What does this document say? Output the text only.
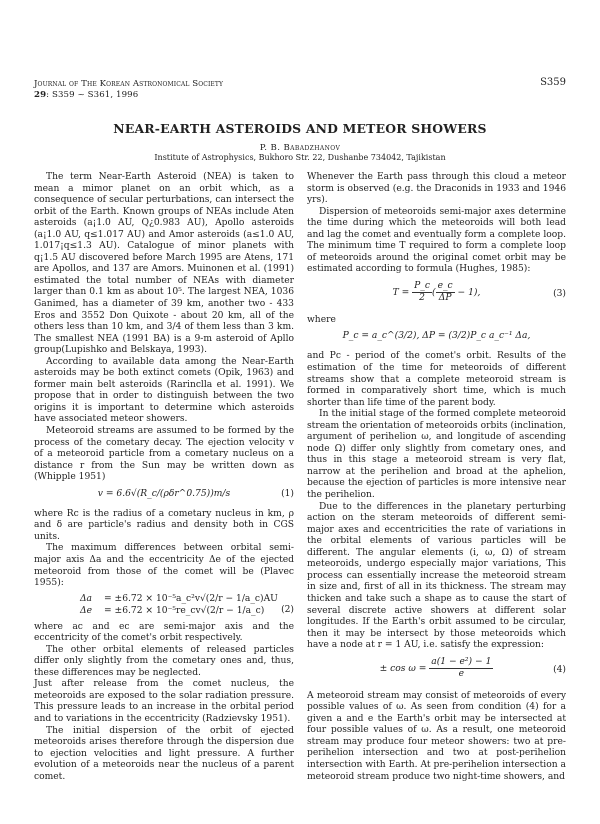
Journal of The Korean Astronomical Society
29: S359 ~ S361, 1996
S359
NEAR-EARTH ASTEROIDS AND METEOR SHOWERS
P. B. Babadzhanov
Institute of Astrophysics, Bukhoro Str. 22, Dushanbe 734042, Tajikistan

The term Near-Earth Asteroid (NEA) is taken to mean a mimor planet on an orbit which, as a consequence of secular perturbations, can intersect the orbit of the Earth. Known groups of NEAs include Aten asteroids (a¡1.0 AU, Q¿0.983 AU), Apollo asteroids (a¡1.0 AU, q≤1.017 AU) and Amor asteroids (a≤1.0 AU, 1.017¡q≤1.3 AU). Catalogue of minor planets with q¡1.5 AU discovered before March 1995 are Atens, 171 are Apollos, and 137 are Amors. Muinonen et al. (1991) estimated the total number of NEAs with diameter larger than 0.1 km as about 10⁵. The largest NEA, 1036 Ganimed, has a diameter of 39 km, another two - 433 Eros and 3552 Don Quixote - about 20 km, all of the others less than 10 km, and 3/4 of them less than 3 km. The smallest NEA (1991 BA) is a 9-m asteroid of Apllo group(Lupishko and Belskaya, 1993).

According to available data among the Near-Earth asteroids may be both extinct comets (Opik, 1963) and former main belt asteroids (Rarinclla et al. 1991). We propose that in order to distinguish between the two origins it is important to determine which asteroids have associated meteor showers.

Meteoroid streams are assumed to be formed by the process of the cometary decay. The ejection velocity v of a meteoroid particle from a cometary nucleus on a distance r from the Sun may be written down as (Whipple 1951)

v = 6.6√(R_c/(ρδr^0.75))m/s	(1)

where Rc is the radius of a cometary nucleus in km, ρ and δ are particle's radius and density both in CGS units.

The maximum differences between orbital semi-major axis Δa and the eccentricity Δe of the ejected meteoroid from those of the comet will be (Plavec 1955):

Δa	= ±6.72 × 10⁻⁵a_c²v√(2/r − 1/a_c)AU
Δe	= ±6.72 × 10⁻⁵re_cv√(2/r − 1/a_c)	(2)

where ac and ec are semi-major axis and the eccentricity of the comet's orbit respectively.

The other orbital elements of released particles differ only slightly from the cometary ones and, thus, these differences may be neglected.

Just after release from the comet nucleus, the meteoroids are exposed to the solar radiation pressure. This pressure leads to an increase in the orbital period and to variations in the eccentricity (Radzievsky 1951).

The initial dispersion of the orbit of ejected meteoroids arises therefore through the dispersion due to ejection velocities and light pressure. A further evolution of a meteoroids near the nucleus of a parent comet.

Whenever the Earth pass through this cloud a meteor storm is observed (e.g. the Draconids in 1933 and 1946 yrs).

Dispersion of meteoroids semi-major axes determine the time during which the meteoroids will both lead and lag the comet and eventually form a complete loop. The minimum time T required to form a complete loop of meteoroids around the original comet orbit may be estimated according to formula (Hughes, 1985):

$T = \frac{P\_c}{2}$ ( $\frac{e\_c}{\Delta P} - 1$),	(3)

where

P_c = a_c^(3/2), ΔP = (3/2)P_c a_c⁻¹ Δa,

and Pc - period of the comet's orbit. Results of the estimation of the time for meteoroids of different streams show that a complete meteoroid stream is formed in comparatively short time, which is much shorter than life time of the parent body.

In the initial stage of the formed complete meteoroid stream the orientation of meteoroids orbits (inclination, argument of perihelion ω, and longitude of ascending node Ω) differ only slightly from cometary ones, and thus in this stage a meteoroid stream is very flat, narrow at the perihelion and broad at the aphelion, because the ejection of particles is more intensive near the perihelion.

Due to the differences in the planetary perturbing action on the steram meteoroids of different semi-major axes and eccentricities the rate of variations in the orbital elements of various particles will be different. The angular elements (i, ω, Ω) of stream meteoroids, undergo especially major variations, This process can essentially increase the meteoroid stream in size and, first of all in its thickness. The stream may thicken and take such a shape as to cause the start of several discrete active showers at different solar longitudes. If the Earth's orbit assumed to be circular, then it may be intersect by those meteoroids which have a node at r = 1 AU, i.e. satisfy the expression:

± $\cos \omega = \frac{\text{a(1 − e²) − 1}}{e}$	(4)

A meteoroid stream may consist of meteoroids of every possible values of ω. As seen from condition (4) for a given a and e the Earth's orbit may be intersected at four possible values of ω. As a result, one meteoroid stream may produce four meteor showers: two at pre-perihelion intersection and two at post-perihelion intersection with Earth. At pre-perihelion intersection a meteoroid stream produce two night-time showers, and
